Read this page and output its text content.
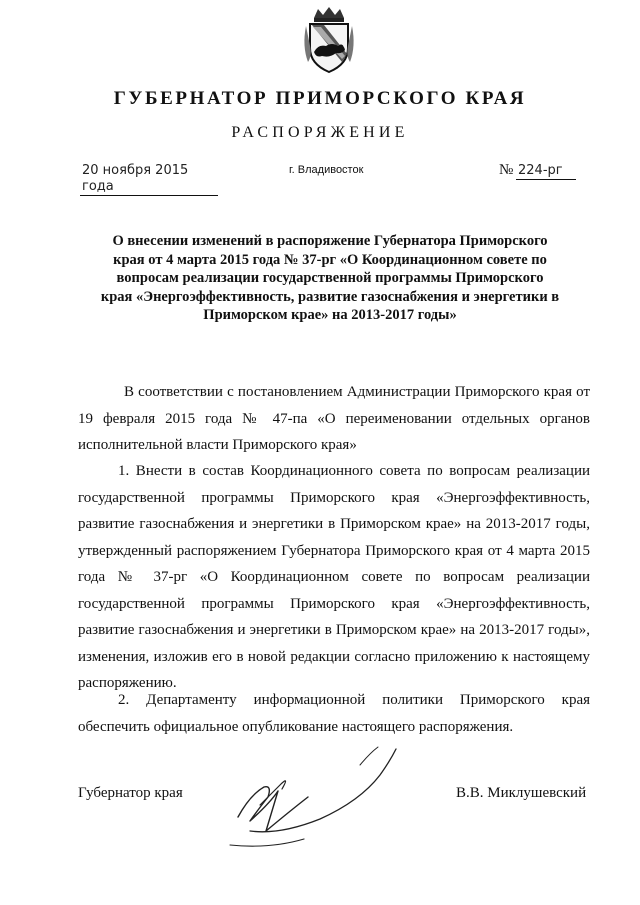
ГУБЕРНАТОР ПРИМОРСКОГО КРАЯ
РАСПОРЯЖЕНИЕ
20 ноября 2015 года
г. Владивосток	№ 224-рг
О внесении изменений в распоряжение Губернатора Приморского края от 4 марта 2015 года № 37-рг «О Координационном совете по вопросам реализации государственной программы Приморского края «Энергоэффективность, развитие газоснабжения и энергетики в Приморском крае» на 2013-2017 годы»
В соответствии с постановлением Администрации Приморского края от 19 февраля 2015 года № 47-па «О переименовании отдельных органов исполнительной власти Приморского края»
1. Внести в состав Координационного совета по вопросам реализации государственной программы Приморского края «Энергоэффективность, развитие газоснабжения и энергетики в Приморском крае» на 2013-2017 годы, утвержденный распоряжением Губернатора Приморского края от 4 марта 2015 года № 37-рг «О Координационном совете по вопросам реализации государственной программы Приморского края «Энергоэффективность, развитие газоснабжения и энергетики в Приморском крае» на 2013-2017 годы», изменения, изложив его в новой редакции согласно приложению к настоящему распоряжению.
2. Департаменту информационной политики Приморского края обеспечить официальное опубликование настоящего распоряжения.
Губернатор края	В.В. Миклушевский
